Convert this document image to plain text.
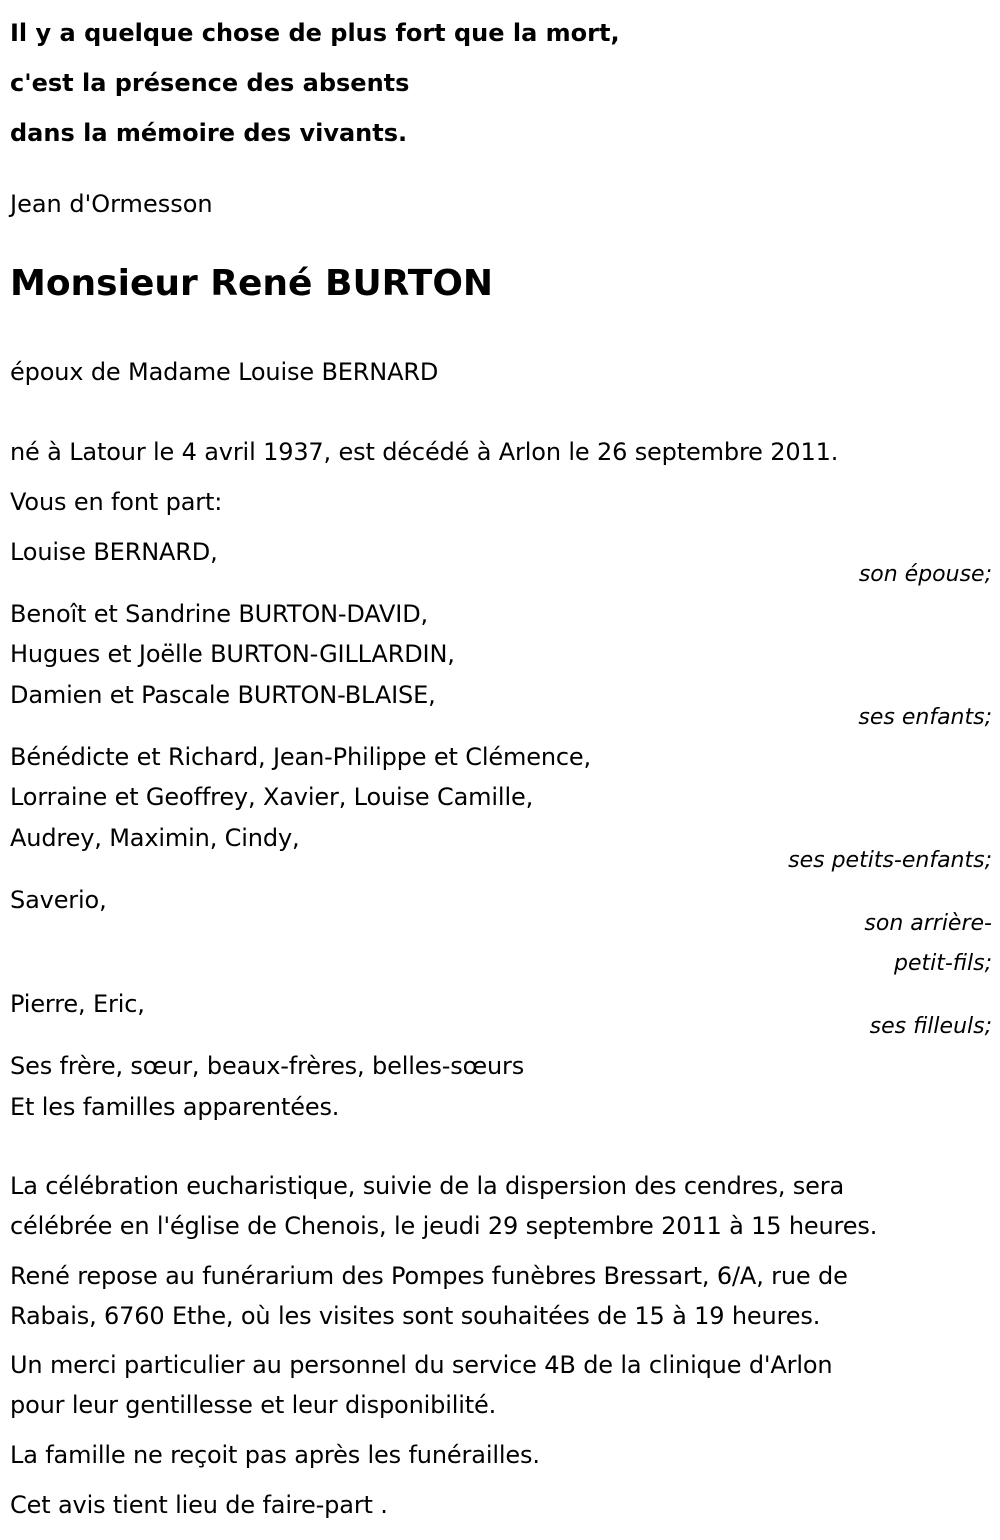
Il y a quelque chose de plus fort que la mort,
c'est la présence des absents
dans la mémoire des vivants.
Jean d'Ormesson
Monsieur René BURTON
époux de Madame Louise BERNARD
né à Latour le 4 avril 1937, est décédé à Arlon le 26 septembre 2011.
Vous en font part:
Louise BERNARD,
son épouse;
Benoît et Sandrine BURTON-DAVID,
Hugues et Joëlle BURTON-GILLARDIN,
Damien et Pascale BURTON-BLAISE,
ses enfants;
Bénédicte et Richard, Jean-Philippe et Clémence,
Lorraine et Geoffrey, Xavier, Louise Camille,
Audrey, Maximin, Cindy,
ses petits-enfants;
Saverio,
son arrière-
petit-fils;
Pierre, Eric,
ses filleuls;
Ses frère, sœur, beaux-frères, belles-sœurs
Et les familles apparentées.
La célébration eucharistique, suivie de la dispersion des cendres, sera
célébrée en l'église de Chenois, le jeudi 29 septembre 2011 à 15 heures.
René repose au funérarium des Pompes funèbres Bressart, 6/A, rue de
Rabais, 6760 Ethe, où les visites sont souhaitées de 15 à 19 heures.
Un merci particulier au personnel du service 4B de la clinique d'Arlon
pour leur gentillesse et leur disponibilité.
La famille ne reçoit pas après les funérailles.
Cet avis tient lieu de faire-part .
